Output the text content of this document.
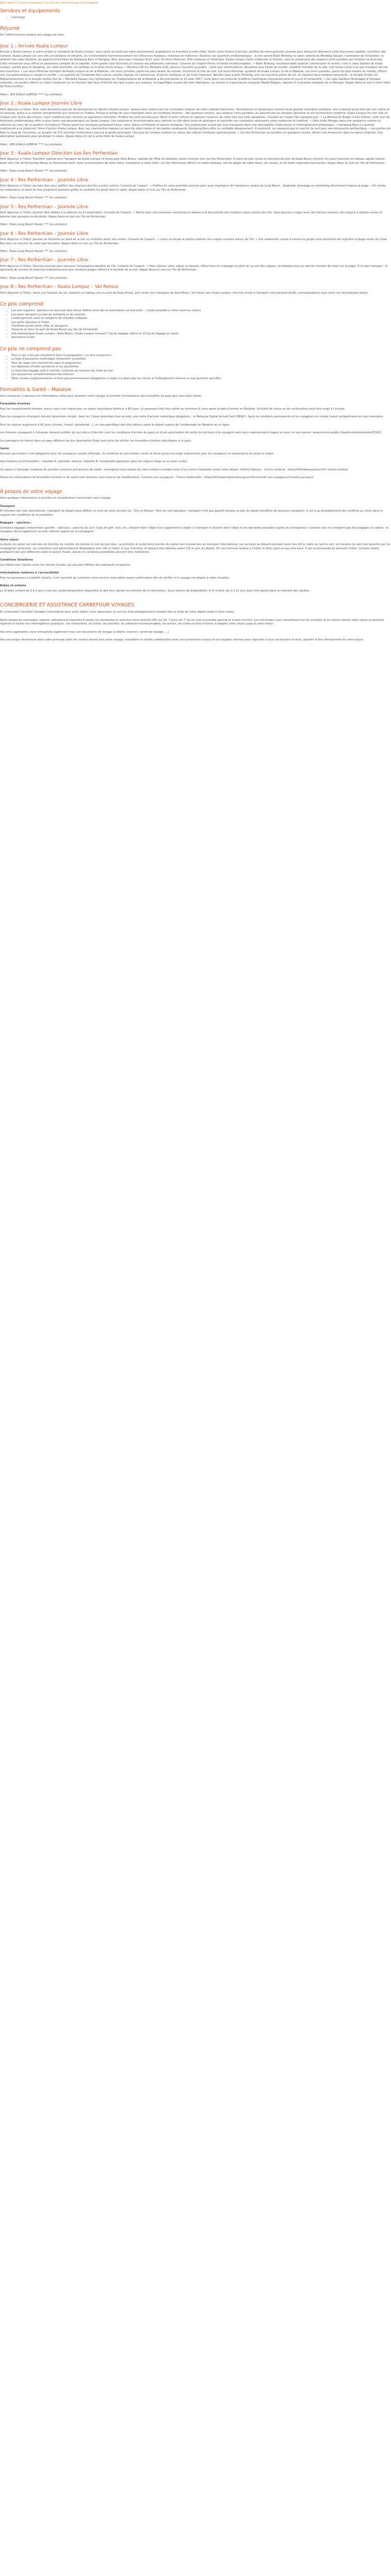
Description Ce prix comprend / Ce prix ne comprend pas Conciergerie
Services et équipements
• Concierge
Résumé

De l'effervescence urbaine aux plages de rêve.

Jour 1 : Arrivée Kuala Lumpur

Arrivée à Kuala Lumpur & votre arrivée à l'aéroport de Kuala Lumpur, vous serez accueilli par votre représentant anglophone et transféré à votre hôtel. Selon votre horaire d'arrivée, profitez de votre première journée pour découvrir librement cette fascinante capitale. Carrefour des cultures, Kuala Lumpur est une ville accueillante et vibrante, où s'entremêlent harmonieusement les influences malaises, chinoises et indiennes. Explorez ses quartiers emblématiques : le tres animé Bukit Bintang, le cœur colonial de Merdeka Square, l'animation de Chinatown, la sérénité des Lake Gardens, les galeries branchées de Kampung Baru et Bangsar. Bien ainsi que l'iconique KLCC avec les tours Petronas. Ville moderne et historique, Kuala Lumpur invite modernité et histoire, tout en préservant des espaces verts paisibles qui révèlent sa diversité. Cette immersion vous offrira un panorama complet de la capitale, entre gratte-ciels futuristes et charme des bâtiments coloniaux. Conseils de l'expert Points d'intérêt incontournables : • Bukit Bintang: incontournable quartier commerçant et animé, c'est le cœur battant de Kuala Lumpur, parfait pour le shopping, les cafés branchés, les rooftops et la food courts locaux. • Menara 118 (ou Merdeka 118), devenu l'ouverte au public : cette tour ultramoderne, deuxième plus haute du monde, redéfinit l'horizon de la ville. Une future icône à ne pas manquer lors de son ouverture. • Les tours Petronas Symbole de Kuala Lumpur et de la Malaisie, ces tours jumelles, parmi les plus hautes du monde, illuminent la ville de nuit. Les tours Petronas, symbole de Kuala Lumpur et de la Malaisie, ces tours jumelles, parmi les plus hautes du monde, offrent une vue panoramique à couper le souffle. • Le quartier de Chinatown Son culture colorée regorge de commerces, d'épices exotiques et de fruits tropicaux. Rendez-vous à Jalan Petaling, une rue couverte pleine de vie, et explorez deux temples fascinants : le temple hindou Sri Mahamariamman et le temple taoïste Sze Ya. • Merdeka Square Lieu symbolique où l'indépendance de la Malaisie a été proclamée le 31 août 1957, cette place est entourée d'édifices historiques impressionnants et ouvre la tranquillité. • Les Lake Gardens Aménagés à l'époque coloniale, ces jardins offrent un cadre verdoyant où se trouvent des lieux d'intérêt tels que le parc aux oiseaux, la magnifique musée des Arts islamiques, ou encore la majestueuse mosquée Masjid Negara, réputée et la grande mosquée de La Mecque. Repas libres et nuit à votre hôtel de Kuala Lumpur

Hôtel : IBIS KUALA LUMPUR **** (ou similaire)

Jour 2 : Kuala Lumpur Journée Libre

Petit déjeuner à l'hôtel. Pour cette deuxième journée de découverte en liberté à Kuala Lumpur, laissez-vous séduire par les contrastes uniques de cette capitale fascinante. Tumultueuse et dynamique comme toute grande métropole asiatique, elle surprend aussi bien par son calme et sa sérénité, grâce à la verdure omniprésente qui l'entoure et l'habite. Prenez le temps de vous imprégner dans ses multiples facettes : des quartiers animés, aux espaces verts paisibles, en passant par les temples spirituels et son architecture moderne. Kuala Lumpur est une ville où chaque coin recèle des trésors, entre traditions bien ancrées et aspirations futuristes. Profitez de cette journée pour flâner à votre rythme et capturer l'essence de cette ville aux mille paradoxes. Conseils de l'expert Ne manquez pas : • La Menara KL Érigée à 421 mètres, cette tour de télévision emblématique offre la plus haute vue panoramique sur Kuala Lumpur. Une expérience incontournable pour admirer la ville dans toute sa splendeur et rejoindre ses contrastes saisissants entre modernité et tradition. • Little India Plongez dans une ambiance colorée et vibrante au cœur de ce quartier enchanteur. Flânez parmi les boutiques proposant tissus, saris, bijoux scintillants et épices exotiques. Une promenade à pied qui vous transporte dans une atmosphère chaleureuse et indéniablement pittoresque. • Kampung Baru Ce quartier traditionnel a su préserver l'âme d'ancien Kuala Lumpur. Avec ses charmantes maisons en bois de style malais et ses jardins verdoyants, Kampung Baru offre un véritable dépaysement. À proximité, ne manquez pas le marché de nuit pour une découverte authentique. • Les grottes de Batu Le long de l'enceinte, un escalier de 272 marches multicolores mène à la grotte principale. Des jeux de lumière mettent en valeur des statues hindoues spectaculaires. • Les îles Perhentian accessibles en quelques heures, offrent une immersion dans la nature tropicale. Une alternative séduisante pour prolonger le séjour. Repas libres et nuit à votre hôtel de Kuala Lumpur

Hôtel : IBIS KUALA LUMPUR **** (ou similaire)

Jour 3 : Kuala Lumpur Direction Les Îles Perhentian

Petit déjeuner à l'hôtel. Transfert matinal vers l'aéroport de Kuala Lumpur et envol pour Kota Bharu, capitale de l'État du Kelantan, porte d'entrée vers les îles Perhentian. À votre arrivée, route en direction du port de Kuala Besut (environ 1h) puis traversée en bateau rapide (speed-boat) vers l'île de Perhentian Besar ou Perhentian Kecil, selon la localisation de votre hôtel. Installation à votre hôtel. Les îles Perhentian offrent un cadre idyllique, fait de plages de sable blanc, de coraux, et de forêts tropicales luxuriantes. Repas libres et nuit sur l'île de Perhentian.

Hôtel : Bubu Long Beach Resort *** (ou similaire)

Jour 4 : Îles Perhentian – Journée Libre

Petit déjeuner à l'hôtel. Journée libre pour profiter des charmes des îles à votre rythme. Conseils de l'expert : • Profitez de votre première journée pour vous imprégner de l'ambiance unique de Long Beach : baignade, bronzage ou snorkeling directement depuis la plage. • En soirée, les restaurants en bord de mer proposent poissons grillés et cocktails les pieds dans le sable. Repas libres et nuit sur l'île de Perhentian.

Hôtel : Bubu Long Beach Resort *** (ou similaire)

Jour 5 : Îles Perhentian – Journée Libre

Petit déjeuner à l'hôtel. Journée libre dédiée à la détente ou à l'exploration. Conseils de l'expert : • Partez pour une excursion snorkeling en bateau à la découverte des meilleurs spots autour des îles. Vous pourrez y nager avec des tortues marines, des requins à pointes noires et admirer des poissons multicolores. Repas libres et nuit sur l'île de Perhentian.

Hôtel : Bubu Long Beach Resort *** (ou similaire)

Jour 6 : Îles Perhentian – Journée Libre

Petit déjeuner à l'hôtel. Journée de farniente au bord de la mer ou activités selon vos envies. Conseils de l'expert : • Louez un kayak et partez explorer les criques cachées autour de l'île. • Une randonnée courte à travers la jungle vous permettra de rejoindre la plage isolée de Coral Bay pour un coucher de soleil spectaculaire. Repas libres et nuit sur l'île de Perhentian.

Hôtel : Bubu Long Beach Resort *** (ou similaire)

Jour 7 : Îles Perhentian – Journée Libre

Petit déjeuner à l'hôtel. Dernière journée pour savourer l'atmosphère paisible de l'île. Conseils de l'expert : • Pour clôturer votre séjour en beauté, offrez-vous un massage en plein air au son des vagues, ou baladez-vous au dernier coucher de soleil sur la plage. À ne pas manquer : le spectacle de lumière de plancton bioluminescent que certaines plages offrent à la tombée de la nuit. Repas libres et nuit sur l'île de Perhentian.

Hôtel : Bubu Long Beach Resort *** (ou similaire)

Jour 8 : Îles Perhentian – Kuala Lumpur – Vol Retour

Petit déjeuner à l'hôtel. Selon vos horaires de vol, transfert en bateau vers le port de Kuala Besut, puis route vers l'aéroport de Kota Bharu. Vol retour vers Kuala Lumpur. Une fois arrivé à l'aéroport international (KLIA), correspondance avec votre vol international retour.

Ce prix comprend
• Les vols réguliers, spécieux ou low-cost aller-retour (billets émis dès la réservation sur low-cost) - ( locale possible à l'aller ou/et au retour)
• Les taxes aéroport La taxe de solidarité et de carbone
• L'hébergement selon la catégorie de chambre indiquée
• Les petits déjeuner à l'hôtel
• Transferts privés entre villes et aéroports
• Traversé en ferry du port de Kuala Besut aux îles de Perhentian
• Vols domestiques Kuala Lumpur / Kota Bharu / Kuala Lumpur incluant 7 kg de bagage cabine et 20 kg de bagage en soute
• Assistance locale
Ce prix ne comprend pas
• Tout ce qui n'est pas mentionné dans le paragraphe « Le prix comprend »
• La taxe d'assurance multirisque (fortement conseillée)
• Tous les repas non mentionnés dans le programme
• Les dépenses d'ordre personnel et les pourboires
• La franchise bagage (soit à mention contraire au moment du choix du vol)
• Les assurances complémentaires facultatives
• Taxes locales supplémentaires et frais gouvernementaux obligatoires à régler sur place par les clients à l'hébergement réservé ou aux guichets spécifiés
Formalités & Santé – Malaisie

Vous trouverez ci-dessous les informations utiles pour préparer votre voyage et prendre connaissance des actualités du pays que vous allez visiter.

Formalités d'entrée

Pour les ressortissants français, aucun visa n'est requis pour un séjour touristique inférieur à 90 jours. Le passeport doit être valide au minimum 6 mois après la date d'entrée en Malaisie. Un billet de retour ou de continuation peut être exigé à l'arrivée.

Tous les voyageurs étrangers doivent désormais remplir, dans les 3 jours précédant leur arrivée, une carte d'arrivée numérique obligatoire : la Malaysia Digital Arrival Card (MDAC). Seuls les résidents permanents et les voyageurs en simple transit aéroportuaire en sont exemptés.

Pour les séjours supérieurs à 90 jours (études, travail, volontariat...), un visa spécifique doit être obtenu avant le départ auprès de l'ambassade de Malaisie ou en ligne.

Les mineurs voyageant à l'étranger doivent justifier de leur pièce d'identité (voir les conditions d'entrée du pays) et d'une autorisation de sortie du territoire s'ils voyagent sans leurs représentants légaux ou avec un seul parent. www.service-public.fr/particuliers/vosdroits/F1922

Les passagers en transit dans un pays différent de leur destination finale sont priés de vérifier les formalités d'entrée spécifiques à ce pays.

Santé

Aucune vaccination n'est obligatoire pour les voyageurs venant d'Europe. Un certificat de vaccination contre la fièvre jaune est exigé uniquement pour les voyageurs en provenance de zones à risque.

Vaccinations recommandées : hépatite A, typhoïde, tétanos, hépatite B, encéphalite japonaise (pour les séjours longs ou en zone rurale).

Un séjour à l'étranger implique de prendre certaines précautions de santé : renseignez-vous auprès de votre médecin traitant et/ou d'un centre hospitalier avant votre départ. Institut Pasteur – Centre médical : https//XXX/www.pasteur.fr/fr centre-medical

Toutes les informations et formalités d'entrée et de santé sont données sous réserve de modifications. Conseils aux voyageurs – France Diplomatie : https//XXX/www.diplomatie.gouv.fr/fr/conseils-aux-voyageurs/conseils-par-pays/

À propos de votre voyage

Voici quelques informations à prendre en considération concernant votre voyage.

Transport

En fonction des vols sélectionnés, l'aéroport de départ peut différer et celui de votre arrivée (ex : Orly et Roissy). Pour les vols spéciaux, l'aéroport n'est pas garanti lorsque la ville de départ bénéficie de plusieurs aéroports, le vol a pu préalablement été confirmé au client dans le respect des conditions de la prestation.

Bagages – spécieux :

Certaines bagages (notamment sportifs – spécieux – planche de surf, clubs de golf, vélo, etc.) doivent faire l'objet d'un supplément à régler à l'aéroport et doivent faire l'objet d'une demande préalable auprès du transporteur. Certains vols ne comptent que des bagages en cabine : le voyageur devra également se tenir informé auprès de la compagnie.

Votre séjour

La durée du séjour est calculée en fonction du nombre de nuitées et non de journées. La première et la dernière journée du séjour sont consacrées au transport international. Les arrivées ou départs pouvant avoir lieu tôt le matin ou tard le soir, les horaires ne sont pas garantis par les compagnies aériennes. Les chambres sont généralement disponibles vers 14h à l'hôtel, le jour d'arrivée, et doivent être libérées avant 12h le jour du départ. En cas d'arrivée tardive à l'hôtel, le dîner peut ne pas être servi. Il est recommandé de prévenir l'hôtel. Certains hôtels pratiquent des prix différents selon la saison (haute, basse) et certaines prestations peuvent être restreintes.

Conditions hôtelières

Les hôtels sont classés selon les normes locales, qui peuvent différer des standards européens.

Informations relatives à l'accessibilité

Pour les personnes à mobilité réduite, il est conseillé de contacter notre service réservation avant confirmation afin de vérifier si le voyage est adapté à votre situation.

Bébés et enfants

Le lit bébé (enfant de 0 à 2 ans) n'est pas systématiquement disponible et doit être signalé au moment de la réservation. Sous réserve de disponibilité, le lit enfant (de 2 à 12 ans) peut être ajouté dans la chambre des adultes.

CONCIERGERIE ET ASSISTANCE CARREFOUR VOYAGES

En choisissant Carrefour Voyages Conciergerie pour votre séjour, vous optez pour un service d'accompagnement complet dès la veille de votre départ jusqu'à votre retour.

Notre équipe de concierges, experts, anticipera et répondra à toutes vos demandes et assurera votre sérénité 24h sur 24, 7 jours sur 7 via un chat accessible partout et à tout moment. Les concierges vous conseilleront sur les activités et les sorties durant votre séjour et pourront répondre à toutes vos interrogations pratiques : les restaurants, les loisirs, les activités, les adresses incontournables, les sorties, les visites et bien d'autres à adapter votre séjour jusqu'à votre retour.

Via votre application, vous retrouverez également tous vos documents de voyage (e-billets, voucher, carnet de voyage, ...).

Vos concierges deviennent alors votre principal point de contact durant tout votre voyage, travaillant en étroite collaboration avec nos partenaires locaux et nos équipes internes pour répondre à tous vos besoins et ainsi, garantir le bon déroulement de votre séjour.
